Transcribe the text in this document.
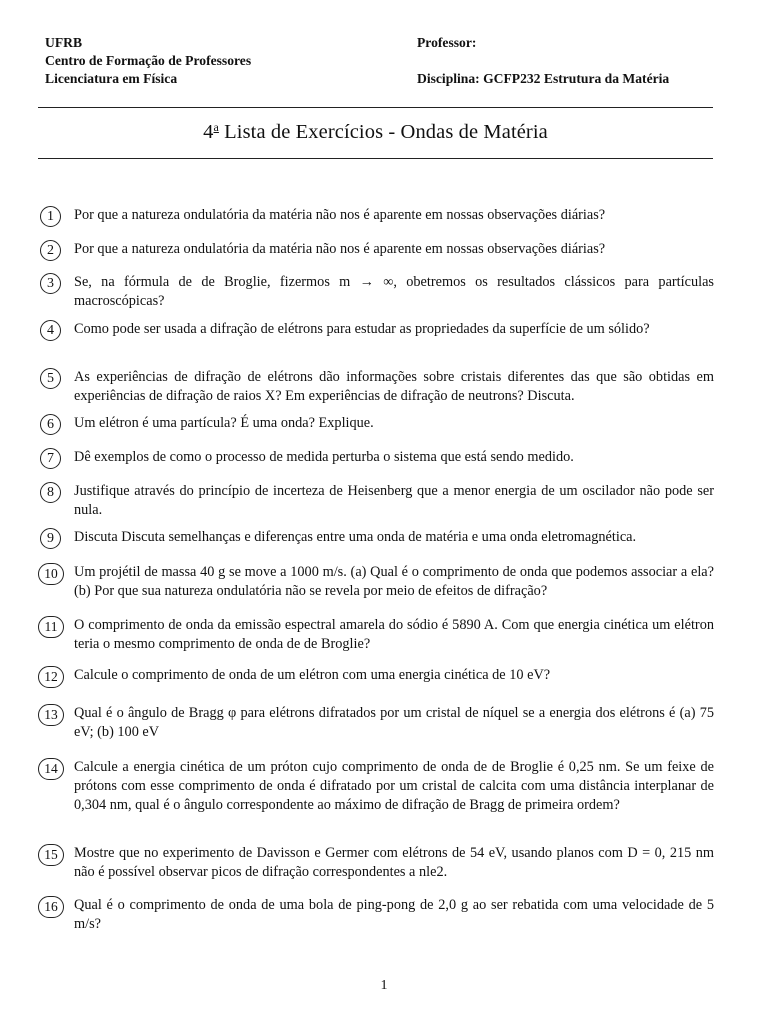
UFRB
Centro de Formação de Professores
Licenciatura em Física
Professor:

Disciplina: GCFP232 Estrutura da Matéria
4$^a$ Lista de Exercícios - Ondas de Matéria
1	Por que a natureza ondulatória da matéria não nos é aparente em nossas observações diárias?
2	Por que a natureza ondulatória da matéria não nos é aparente em nossas observações diárias?
3	Se, na fórmula de de Broglie, fizermos m → ∞, obetremos os resultados clássicos para partículas macroscópicas?
4	Como pode ser usada a difração de elétrons para estudar as propriedades da superfície de um sólido?
5	As experiências de difração de elétrons dão informações sobre cristais diferentes das que são obtidas em experiências de difração de raios X? Em experiências de difração de neutrons? Discuta.
6	Um elétron é uma partícula? É uma onda? Explique.
7	Dê exemplos de como o processo de medida perturba o sistema que está sendo medido.
8	Justifique através do princípio de incerteza de Heisenberg que a menor energia de um oscilador não pode ser nula.
9	Discuta Discuta semelhanças e diferenças entre uma onda de matéria e uma onda eletromagnética.
10	Um projétil de massa 40 g se move a 1000 m/s. (a) Qual é o comprimento de onda que podemos associar a ela? (b) Por que sua natureza ondulatória não se revela por meio de efeitos de difração?
11	O comprimento de onda da emissão espectral amarela do sódio é 5890 A. Com que energia cinética um elétron teria o mesmo comprimento de onda de de Broglie?
12	Calcule o comprimento de onda de um elétron com uma energia cinética de 10 eV?
13	Qual é o ângulo de Bragg φ para elétrons difratados por um cristal de níquel se a energia dos elétrons é (a) 75 eV; (b) 100 eV
14	Calcule a energia cinética de um próton cujo comprimento de onda de de Broglie é 0,25 nm. Se um feixe de prótons com esse comprimento de onda é difratado por um cristal de calcita com uma distância interplanar de 0,304 nm, qual é o ângulo correspondente ao máximo de difração de Bragg de primeira ordem?
15	Mostre que no experimento de Davisson e Germer com elétrons de 54 eV, usando planos com D = 0, 215 nm não é possível observar picos de difração correspondentes a nle2.
16	Qual é o comprimento de onda de uma bola de ping-pong de 2,0 g ao ser rebatida com uma velocidade de 5 m/s?
1
